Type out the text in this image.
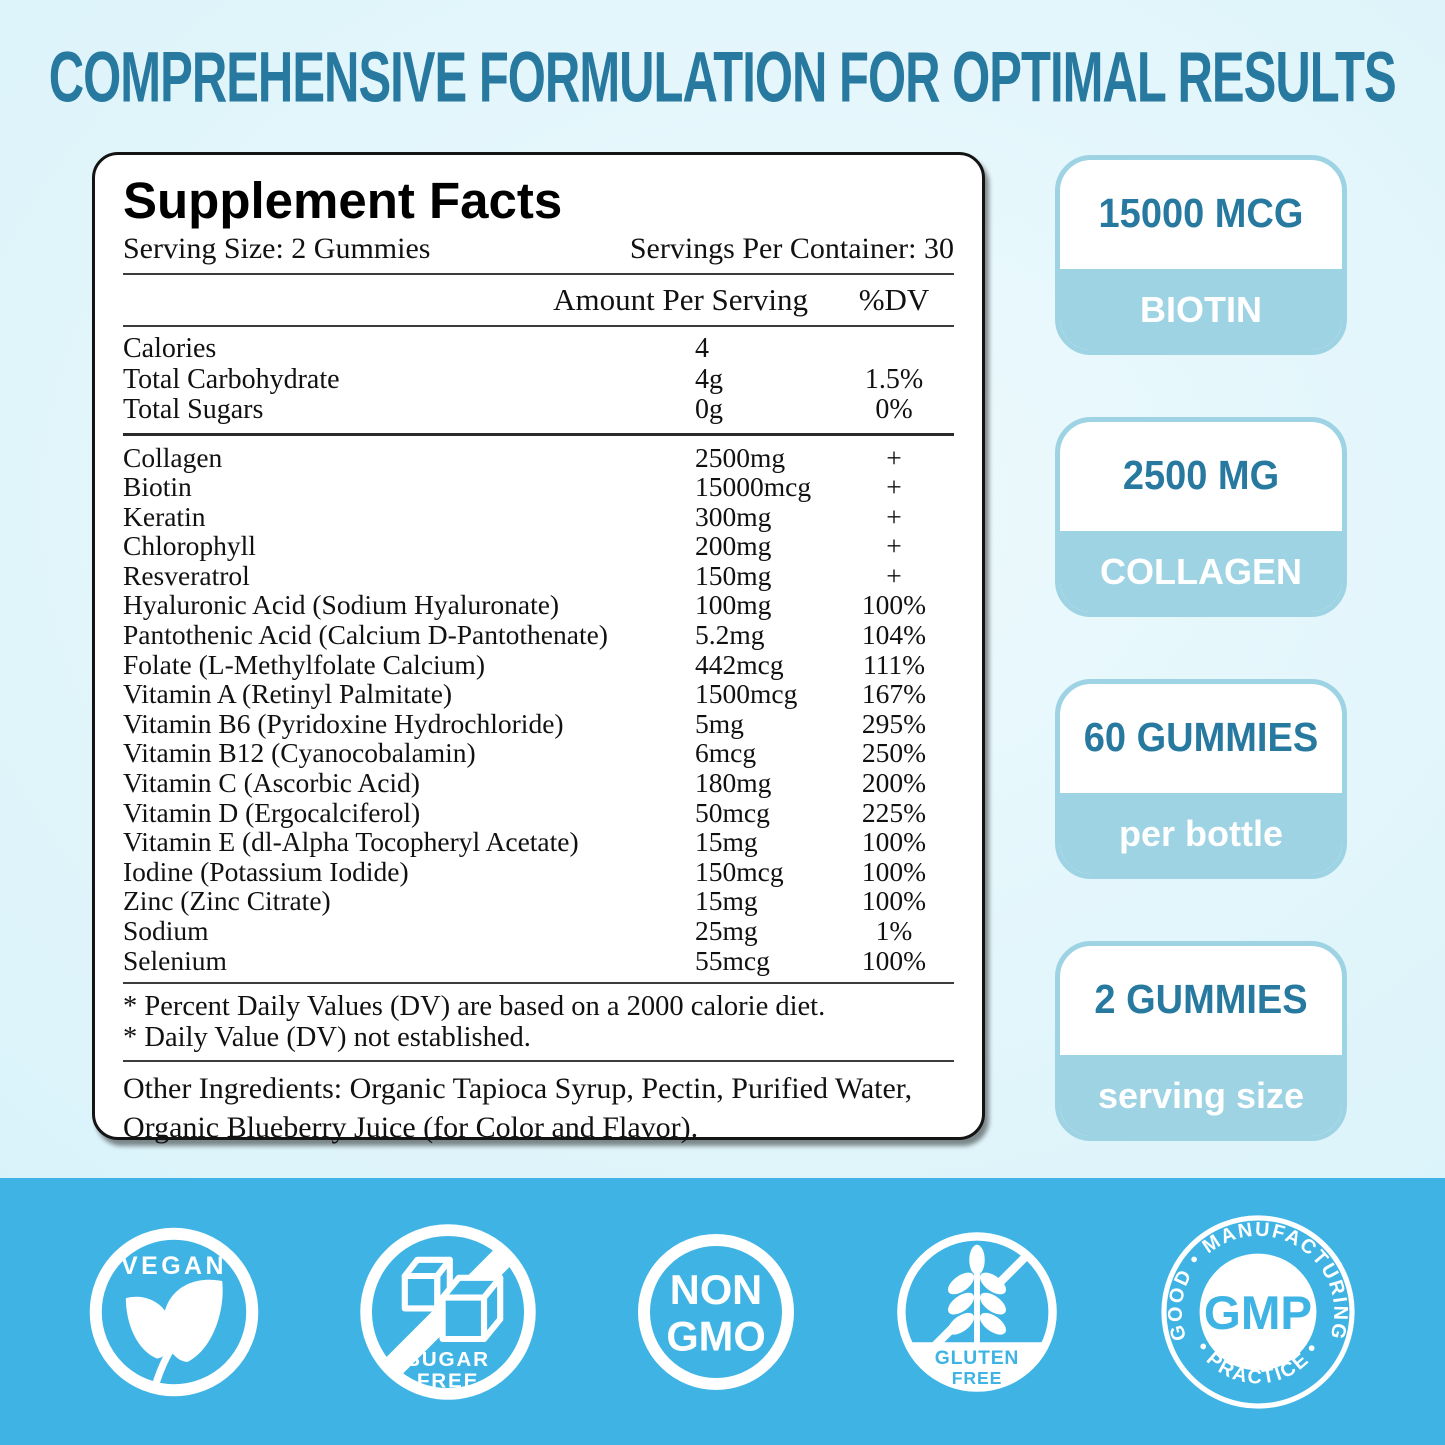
COMPREHENSIVE FORMULATION FOR OPTIMAL RESULTS
Supplement Facts
Serving Size: 2 Gummies	Servings Per Container: 30
Amount Per Serving	%DV
Calories	4
Total Carbohydrate	4g	1.5%
Total Sugars	0g	0%
Collagen	2500mg	+
Biotin	15000mcg	+
Keratin	300mg	+
Chlorophyll	200mg	+
Resveratrol	150mg	+
Hyaluronic Acid (Sodium Hyaluronate)	100mg	100%
Pantothenic Acid (Calcium D-Pantothenate)	5.2mg	104%
Folate (L-Methylfolate Calcium)	442mcg	111%
Vitamin A (Retinyl Palmitate)	1500mcg	167%
Vitamin B6 (Pyridoxine Hydrochloride)	5mg	295%
Vitamin B12 (Cyanocobalamin)	6mcg	250%
Vitamin C (Ascorbic Acid)	180mg	200%
Vitamin D (Ergocalciferol)	50mcg	225%
Vitamin E (dl-Alpha Tocopheryl Acetate)	15mg	100%
Iodine (Potassium Iodide)	150mcg	100%
Zinc (Zinc Citrate)	15mg	100%
Sodium	25mg	1%
Selenium	55mcg	100%

* Percent Daily Values (DV) are based on a 2000 calorie diet.

* Daily Value (DV) not established.

Other Ingredients: Organic Tapioca Syrup, Pectin, Purified Water, Organic Blueberry Juice (for Color and Flavor).

15000 MCG
BIOTIN
2500 MG
COLLAGEN
60 GUMMIES
per bottle
2 GUMMIES
serving size
VEGAN
SUGAR
FREE
NON
GMO	GLUTEN
FREE
GOOD • MANUFACTURING
• PRACTICE •
GMP
